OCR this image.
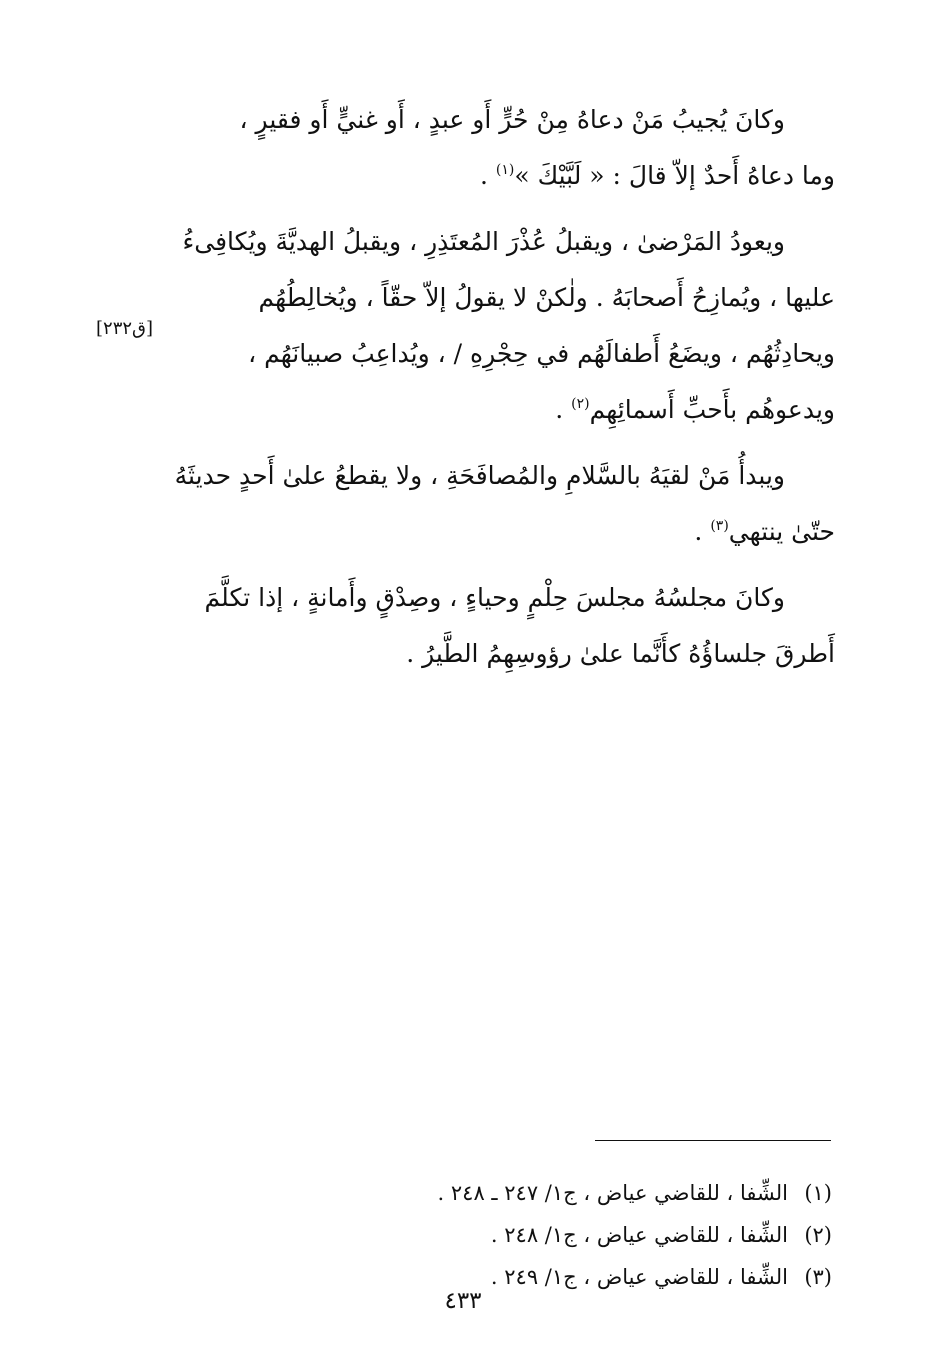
وكانَ يُجيبُ مَنْ دعاهُ مِنْ حُرٍّ أَو عبدٍ ، أَو غنيٍّ أَو فقيرٍ ،
وما دعاهُ أَحدٌ إلاّ قالَ : « لَبَّيْكَ »$^{(١)}$ .

ويعودُ المَرْضىٰ ، ويقبلُ عُذْرَ المُعتَذِرِ ، ويقبلُ الهديَّةَ ويُكافِىءُ
عليها ، ويُمازِحُ أَصحابَهُ . ولٰكنْ لا يقولُ إلاّ حقّاً ، ويُخالِطُهُم
ويحادِثُهُم ، ويضَعُ أَطفالَهُم في حِجْرِهِ / ، ويُداعِبُ صبيانَهُم ،
ويدعوهُم بأَحبِّ أَسمائِهِم$^{(٢)}$ .

ويبدأُ مَنْ لقيَهُ بالسَّلامِ والمُصافَحَةِ ، ولا يقطعُ علىٰ أَحدٍ حديثَهُ
حتّىٰ ينتهي$^{(٣)}$ .

وكانَ مجلسُهُ مجلسَ حِلْمٍ وحياءٍ ، وصِدْقٍ وأَمانةٍ ، إذا تكلَّمَ
أَطرقَ جلساؤُهُ كأَنَّما علىٰ رؤوسِهِمُ الطَّيرُ .

[ق٢٣٢]
(١)الشِّفا ، للقاضي عياض ، ج١/ ٢٤٧ ـ ٢٤٨ .
(٢)الشِّفا ، للقاضي عياض ، ج١/ ٢٤٨ .
(٣)الشِّفا ، للقاضي عياض ، ج١/ ٢٤٩ .
٤٣٣
